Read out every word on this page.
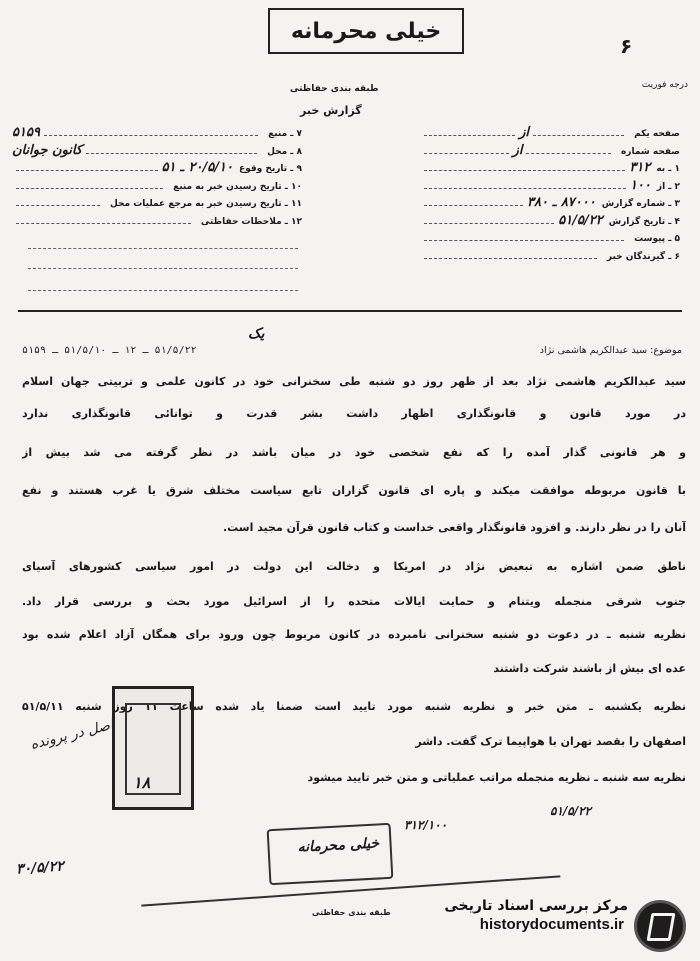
خیلی محرمانه
۶
درجه فوریت
طبقه بندی حفاظتی
گزارش خبر
صفحه یکم
از
صفحه شماره
از
۱ ـ به
۳۱۲
۲ ـ از
۱۰۰
۳ ـ شماره گزارش
۸۷۰۰۰ ـ ۳۸۰
۴ ـ تاریخ گزارش
۵۱/۵/۲۲
۵ ـ پیوست
۶ ـ گیرندگان خبر
۷ ـ منبع
۵۱۵۹
۸ ـ محل
کانون جوانان
۹ ـ تاریخ وقوع
۲۰/۵/۱۰ ـ ۵۱
۱۰ ـ تاریخ رسیدن خبر به منبع
۱۱ ـ تاریخ رسیدن خبر به مرجع عملیات محل
۱۲ ـ ملاحظات حفاظتی
یک
موضوع: سید عبدالکریم هاشمی نژاد
۵۱/۵/۲۲ ـ ۱۲ ـ ۵۱/۵/۱۰ ـ ۵۱۵۹
سید عبدالکریم هاشمی نژاد بعد از ظهر روز دو شنبه طی سخنرانی خود در کانون علمی و تربیتی جهان اسلام
در مورد قانون و قانونگذاری اظهار داشت بشر قدرت و توانائی قانونگذاری ندارد
و هر قانونی گذار آمده را که نفع شخصی خود در میان باشد در نظر گرفته می شد بیش از
با قانون مربوطه موافقت میکند و پاره ای قانون گزاران تابع سیاست مختلف شرق یا غرب هستند و نفع
آنان را در نظر دارند. و افزود قانونگذار واقعی خداست و کتاب قانون قرآن مجید است.
ناطق ضمن اشاره به تبعیض نژاد در امریکا و دخالت این دولت در امور سیاسی کشورهای آسیای
جنوب شرقی منجمله ویتنام و حمایت ایالات متحده را از اسرائیل مورد بحث و بررسی قرار داد.
نظریه شنبه ـ در دعوت دو شنبه سخنرانی نامبرده در کانون مربوط چون ورود برای همگان آزاد اعلام شده بود
عده ای بیش از باشند شرکت داشتند
نظریه یکشنبه ـ متن خبر و نظریه شنبه مورد تایید است ضمنا یاد شده ساعت ۱۱ روز شنبه ۵۱/۵/۱۱
اصفهان را بقصد تهران با هواپیما ترک گفت. داشر
نظریه سه شنبه ـ نظریه منجمله مراتب عملیاتی و متن خبر تایید میشود
۱۸
اصل در پرونده
۳۰/۵/۲۲
۵۱/۵/۲۲
۳۱۲/۱۰۰
خیلی محرمانه
طبقه بندی حفاظتی	مرکز بررسی اسناد تاریخی
historydocuments.ir
